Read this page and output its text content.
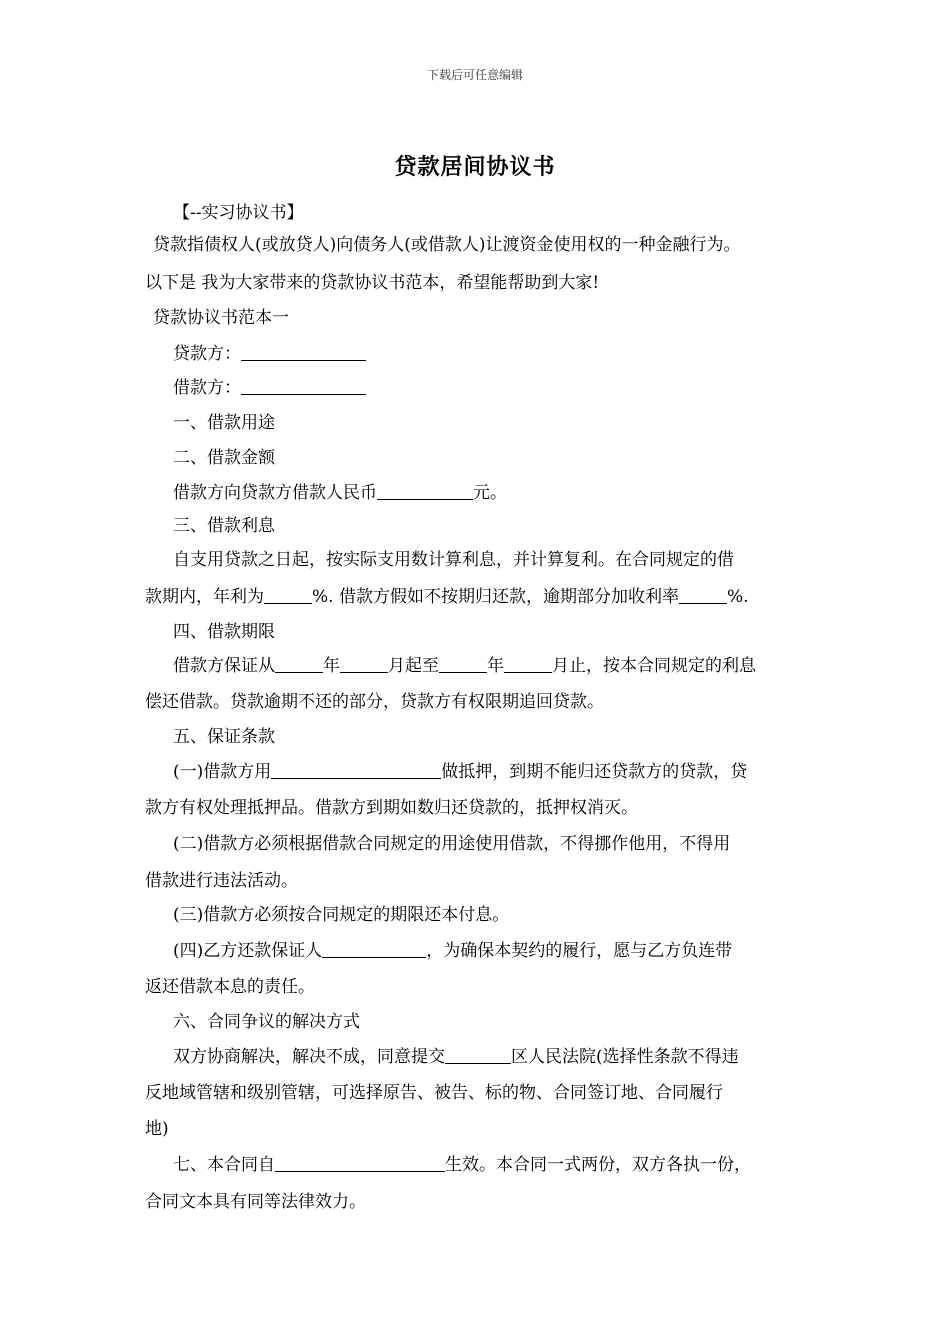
下载后可任意编辑
贷款居间协议书
【--实习协议书】
贷款指债权人(或放贷人)向债务人(或借款人)让渡资金使用权的一种金融行为。
以下是 我为大家带来的贷款协议书范本，希望能帮助到大家!
贷款协议书范本一
贷款方：
借款方：
一、借款用途
二、借款金额
借款方向贷款方借款人民币	元。
三、借款利息
自支用贷款之日起，按实际支用数计算利息，并计算复利。在合同规定的借
款期内，年利为	%. 借款方假如不按期归还款，逾期部分加收利率	%.
四、借款期限
借款方保证从	年	月起至	年	月止，按本合同规定的利息
偿还借款。贷款逾期不还的部分，贷款方有权限期追回贷款。
五、保证条款
(一)借款方用	做抵押，到期不能归还贷款方的贷款，贷
款方有权处理抵押品。借款方到期如数归还贷款的，抵押权消灭。
(二)借款方必须根据借款合同规定的用途使用借款，不得挪作他用，不得用
借款进行违法活动。
(三)借款方必须按合同规定的期限还本付息。
(四)乙方还款保证人	，为确保本契约的履行，愿与乙方负连带
返还借款本息的责任。
六、合同争议的解决方式
双方协商解决，解决不成，同意提交	区人民法院(选择性条款不得违
反地域管辖和级别管辖，可选择原告、被告、标的物、合同签订地、合同履行
地)
七、本合同自	生效。本合同一式两份，双方各执一份，
合同文本具有同等法律效力。
